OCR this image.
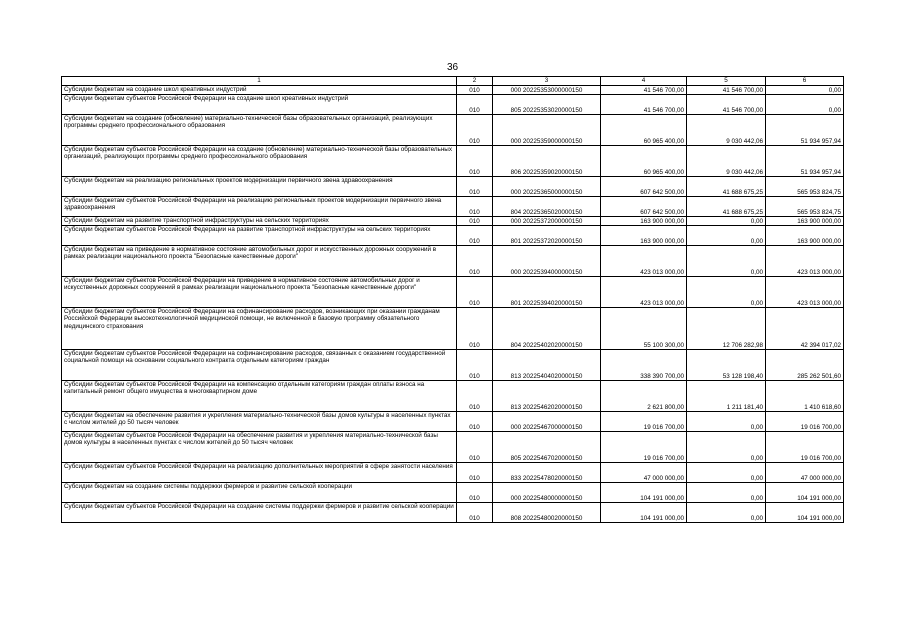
36
1	2	3	4	5	6
Субсидии бюджетам на создание школ креативных индустрий	010	000 20225353000000150	41 546 700,00	41 546 700,00	0,00
Субсидии бюджетам субъектов Российской Федерации на создание школ креативных индустрий	010	805 20225353020000150	41 546 700,00	41 546 700,00	0,00
Субсидии бюджетам на создание (обновление) материально-технической базы образовательных организаций, реализующих программы среднего профессионального образования	010	000 20225359000000150	60 965 400,00	9 030 442,06	51 934 957,94
Субсидии бюджетам субъектов Российской Федерации на создание (обновление) материально-технической базы образовательных организаций, реализующих программы среднего профессионального образования	010	806 20225359020000150	60 965 400,00	9 030 442,06	51 934 957,94
Субсидии бюджетам на реализацию региональных проектов модернизации первичного звена здравоохранения	010	000 20225365000000150	607 642 500,00	41 688 675,25	565 953 824,75
Субсидии бюджетам субъектов Российской Федерации на реализацию региональных проектов модернизации первичного звена здравоохранения	010	804 20225365020000150	607 642 500,00	41 688 675,25	565 953 824,75
Субсидии бюджетам на развитие транспортной инфраструктуры на сельских территориях	010	000 20225372000000150	163 900 000,00	0,00	163 900 000,00
Субсидии бюджетам субъектов Российской Федерации на развитие транспортной инфраструктуры на сельских территориях	010	801 20225372020000150	163 900 000,00	0,00	163 900 000,00
Субсидии бюджетам на приведение в нормативное состояние автомобильных дорог и искусственных дорожных сооружений в рамках реализации национального проекта "Безопасные качественные дороги"	010	000 20225394000000150	423 013 000,00	0,00	423 013 000,00
Субсидии бюджетам субъектов Российской Федерации на приведение в нормативное состояние автомобильных дорог и искусственных дорожных сооружений в рамках реализации национального проекта "Безопасные качественные дороги"	010	801 20225394020000150	423 013 000,00	0,00	423 013 000,00
Субсидии бюджетам субъектов Российской Федерации на софинансирование расходов, возникающих при оказании гражданам Российской Федерации высокотехнологичной медицинской помощи, не включенной в базовую программу обязательного медицинского страхования	010	804 20225402020000150	55 100 300,00	12 706 282,98	42 394 017,02
Субсидии бюджетам субъектов Российской Федерации на софинансирование расходов, связанных с оказанием государственной социальной помощи на основании социального контракта отдельным категориям граждан	010	813 20225404020000150	338 390 700,00	53 128 198,40	285 262 501,60
Субсидии бюджетам субъектов Российской Федерации на компенсацию отдельным категориям граждан оплаты взноса на капитальный ремонт общего имущества в многоквартирном доме	010	813 20225462020000150	2 621 800,00	1 211 181,40	1 410 618,60
Субсидии бюджетам на обеспечение развития и укрепления материально-технической базы домов культуры в населенных пунктах с числом жителей до 50 тысяч человек	010	000 20225467000000150	19 016 700,00	0,00	19 016 700,00
Субсидии бюджетам субъектов Российской Федерации на обеспечение развития и укрепления материально-технической базы домов культуры в населенных пунктах с числом жителей до 50 тысяч человек	010	805 20225467020000150	19 016 700,00	0,00	19 016 700,00
Субсидии бюджетам субъектов Российской Федерации на реализацию дополнительных мероприятий в сфере занятости населения	010	833 20225478020000150	47 000 000,00	0,00	47 000 000,00
Субсидии бюджетам на создание системы поддержки фермеров и развитие сельской кооперации	010	000 20225480000000150	104 191 000,00	0,00	104 191 000,00
Субсидии бюджетам субъектов Российской Федерации на создание системы поддержки фермеров и развитие сельской кооперации	010	808 20225480020000150	104 191 000,00	0,00	104 191 000,00
